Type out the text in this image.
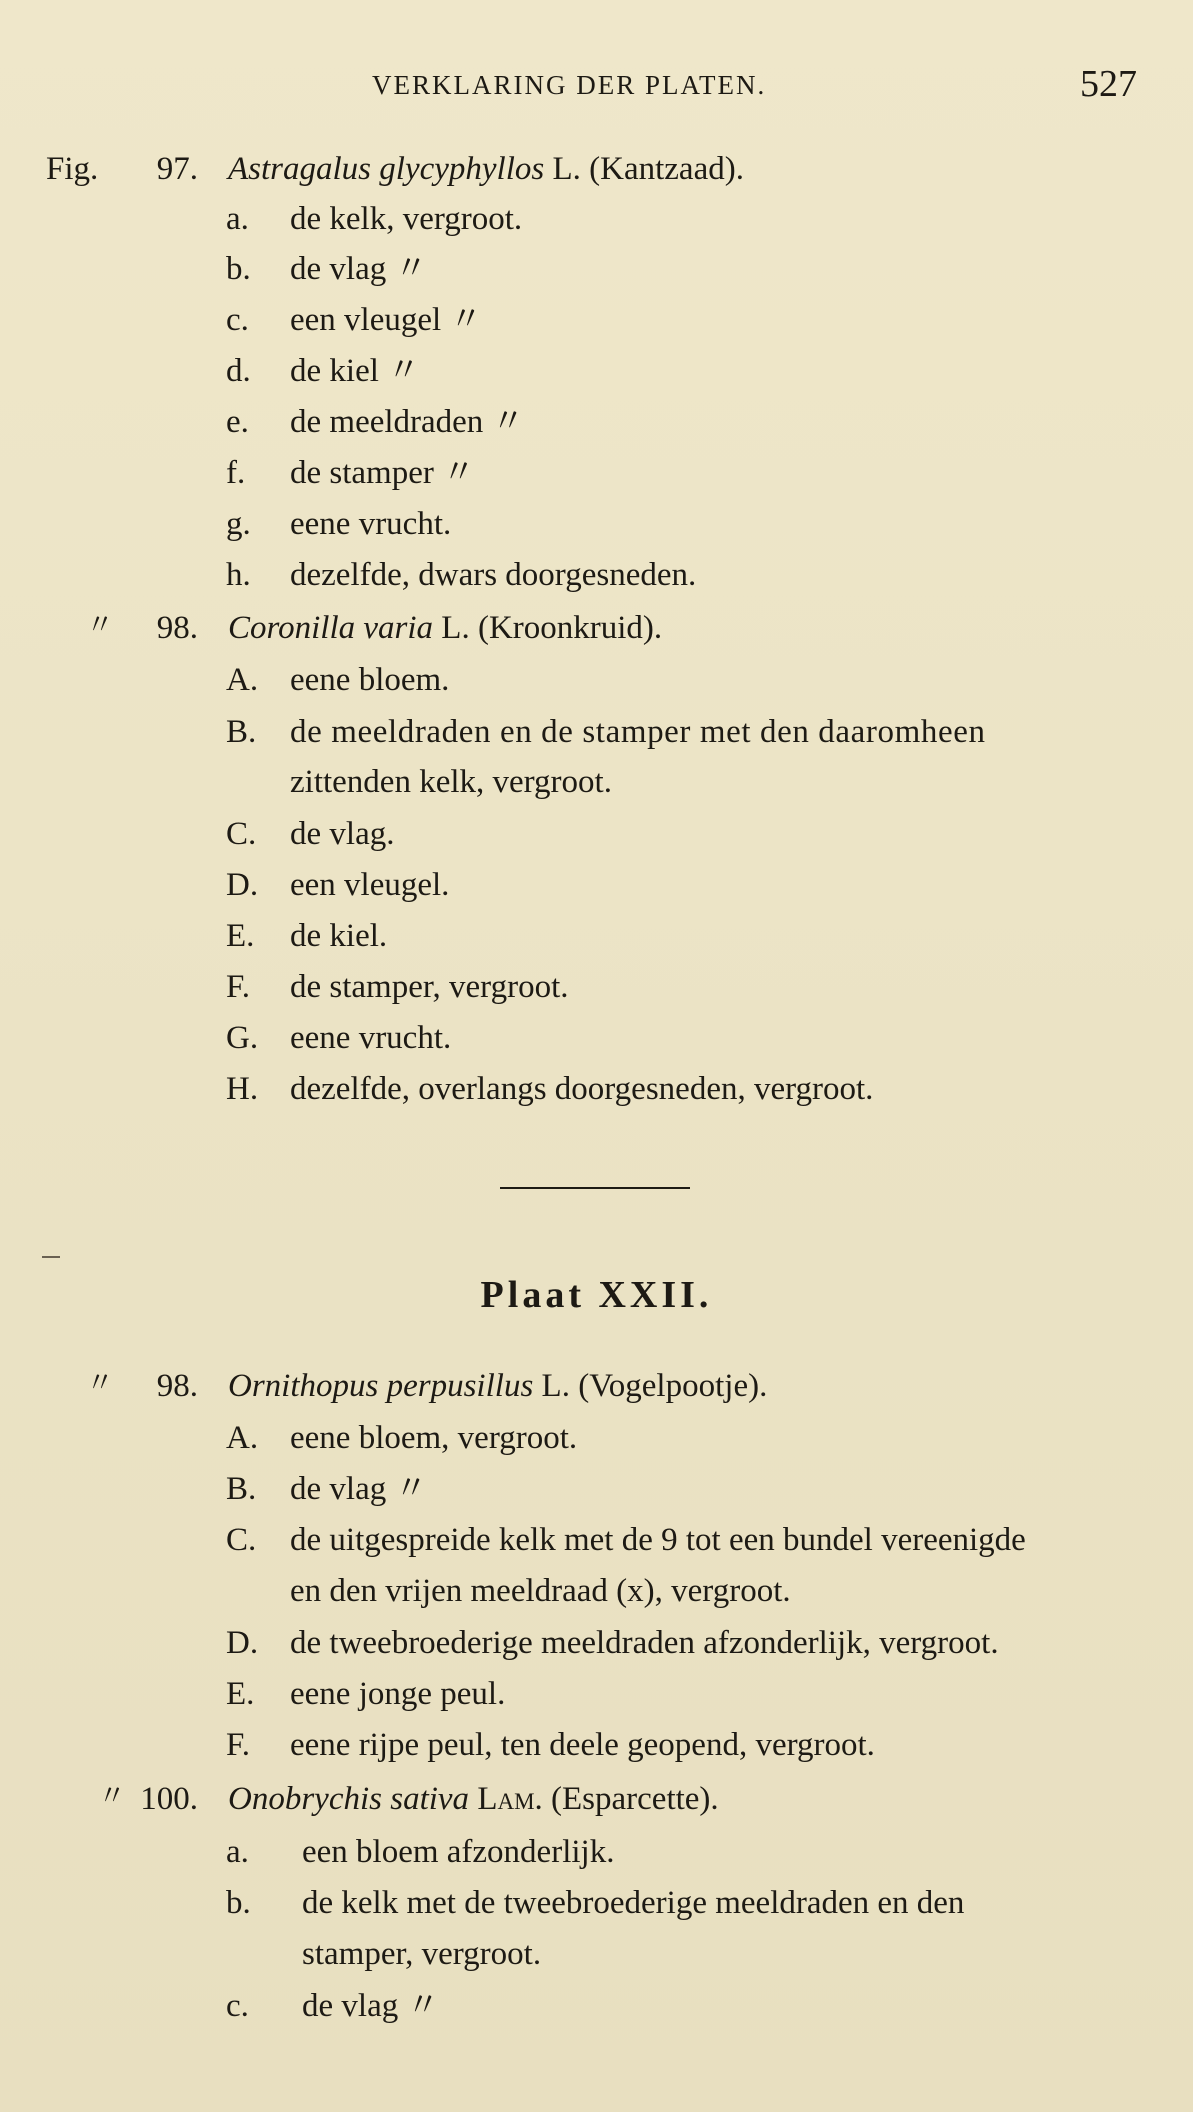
VERKLARING DER PLATEN.	527
Fig.	97. Astragalus glycyphyllos L. (Kantzaad).
a. de kelk, vergroot.
b. de vlag 〃
c. een vleugel 〃
d. de kiel 〃
e. de meeldraden 〃
f. de stamper 〃
g. eene vrucht.
h. dezelfde, dwars doorgesneden.
〃	98. Coronilla varia L. (Kroonkruid).
A. eene bloem.
B. de meeldraden en de stamper met den daaromheen
zittenden kelk, vergroot.
C. de vlag.
D. een vleugel.
E. de kiel.
F. de stamper, vergroot.
G. eene vrucht.
H. dezelfde, overlangs doorgesneden, vergroot.
Plaat XXII.
〃	98. Ornithopus perpusillus L. (Vogelpootje).
A. eene bloem, vergroot.
B. de vlag 〃
C. de uitgespreide kelk met de 9 tot een bundel vereenigde
en den vrijen meeldraad (x), vergroot.
D. de tweebroederige meeldraden afzonderlijk, vergroot.
E. eene jonge peul.
F. eene rijpe peul, ten deele geopend, vergroot.
〃 100. Onobrychis sativa Lam. (Esparcette).
a. een bloem afzonderlijk.
b. de kelk met de tweebroederige meeldraden en den
stamper, vergroot.
c. de vlag 〃
